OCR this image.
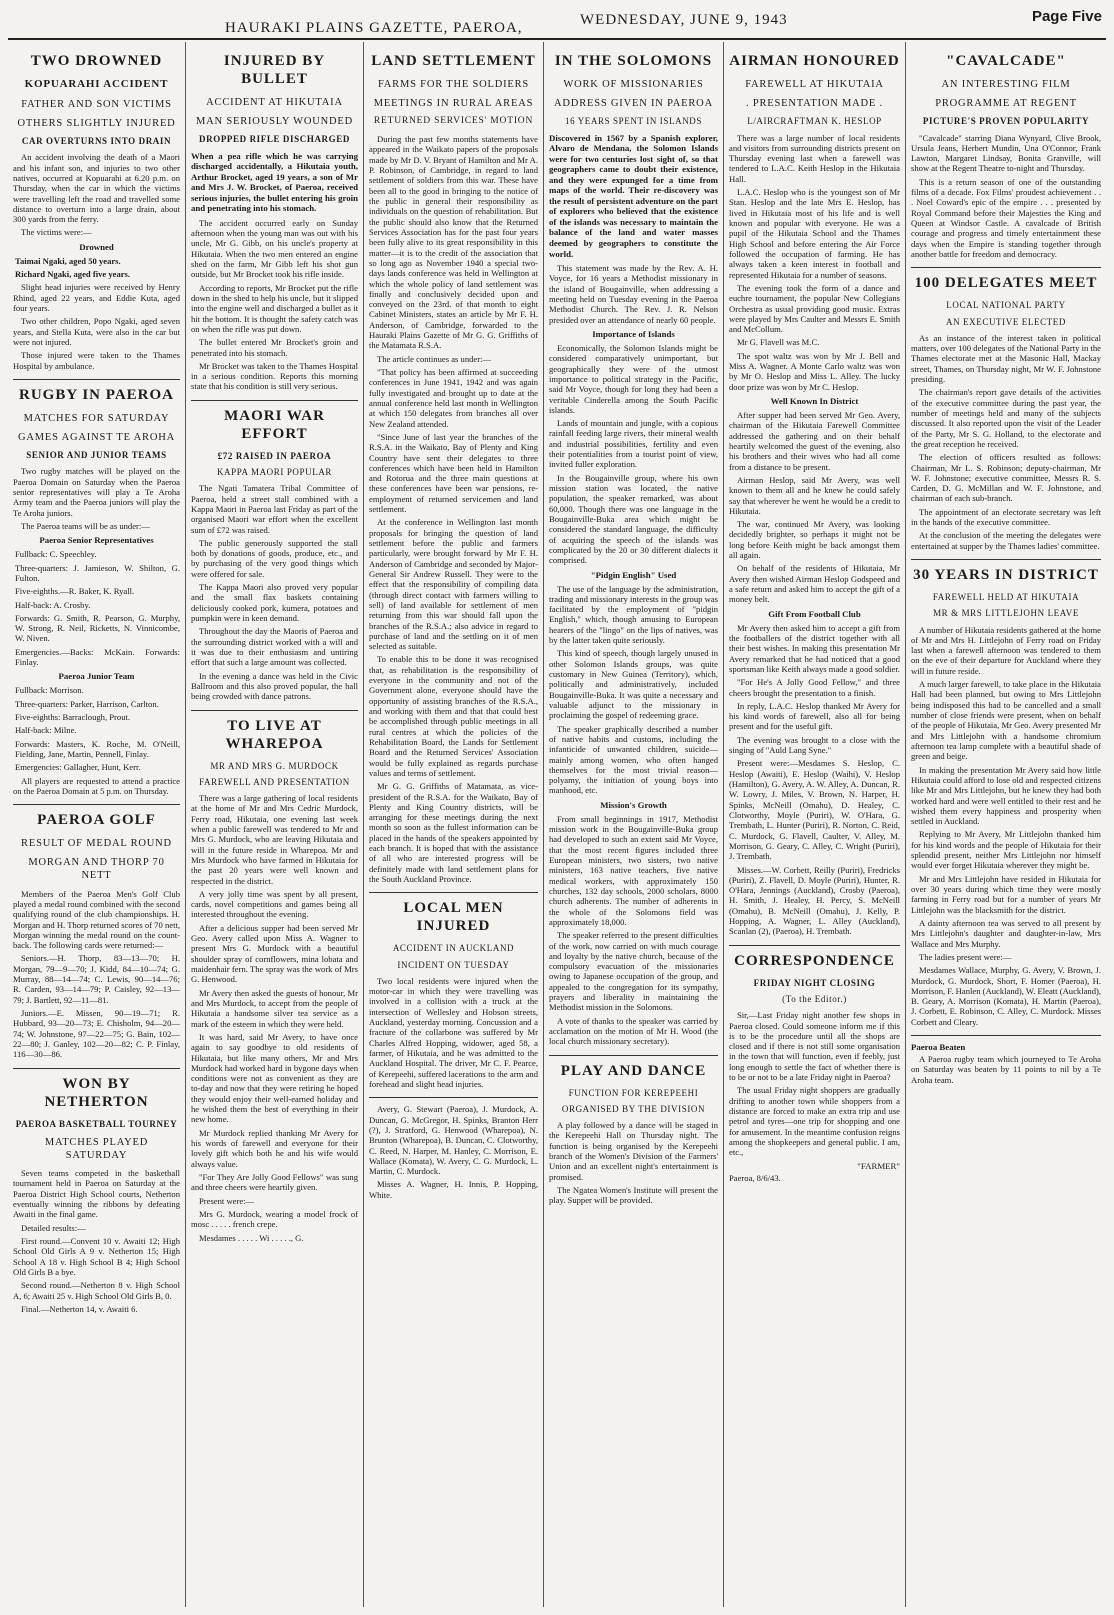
HAURAKI PLAINS GAZETTE, PAEROA,	WEDNESDAY, JUNE 9, 1943	Page Five
TWO DROWNED
KOPUARAHI ACCIDENT
FATHER AND SON VICTIMS
OTHERS SLIGHTLY INJURED
CAR OVERTURNS INTO DRAIN

An accident involving the death of a Maori and his infant son, and injuries to two other natives, occurred at Kopuarahi at 6.20 p.m. on Thursday, when the car in which the victims were travelling left the road and travelled some distance to overturn into a large drain, about 300 yards from the ferry.

The victims were:—

Drowned

Taimai Ngaki, aged 50 years.

Richard Ngaki, aged five years.

Slight head injuries were received by Henry Rhind, aged 22 years, and Eddie Kuta, aged four years.

Two other children, Popo Ngaki, aged seven years, and Stella Kuta, were also in the car but were not injured.

Those injured were taken to the Thames Hospital by ambulance.

RUGBY IN PAEROA
MATCHES FOR SATURDAY
GAMES AGAINST TE AROHA
SENIOR AND JUNIOR TEAMS

Two rugby matches will be played on the Paeroa Domain on Saturday when the Paeroa senior representatives will play a Te Aroha Army team and the Paeroa juniors will play the Te Aroha juniors.

The Paeroa teams will be as under:—

Paeroa Senior Representatives

Fullback: C. Speechley.

Three-quarters: J. Jamieson, W. Shilton, G. Fulton.

Five-eighths.—R. Baker, K. Ryall.

Half-back: A. Crosby.

Forwards: G. Smith, R. Pearson, G. Murphy, W. Strong, R. Neil, Ricketts, N. Vinnicombe, W. Niven.

Emergencies.—Backs: McKain. Forwards: Finlay.

Paeroa Junior Team

Fullback: Morrison.

Three-quarters: Parker, Harrison, Carlton.

Five-eighths: Barraclough, Prout.

Half-back: Milne.

Forwards: Masters, K. Roche, M. O'Neill, Fielding, Jane, Martin, Pennell, Finlay.

Emergencies: Gallagher, Hunt, Kerr.

All players are requested to attend a practice on the Paeroa Domain at 5 p.m. on Thursday.

PAEROA GOLF
RESULT OF MEDAL ROUND
MORGAN AND THORP 70 NETT

Members of the Paeroa Men's Golf Club played a medal round combined with the second qualifying round of the club championships. H. Morgan and H. Thorp returned scores of 70 nett, Morgan winning the medal round on the count-back. The following cards were returned:—

Seniors.—H. Thorp, 83—13—70; H. Morgan, 79—9—70; J. Kidd, 84—10—74; G. Murray, 88—14—74; C. Lewis, 90—14—76; R. Carden, 93—14—79; P. Caisley, 92—13—79; J. Bartlett, 92—11—81.

Juniors.—E. Missen, 90—19—71; R. Hubbard, 93—20—73; E. Chisholm, 94—20—74; W. Johnstone, 97—22—75; G. Bain, 102—22—80; J. Ganley, 102—20—82; C. P. Finlay, 116—30—86.

WON BY NETHERTON
PAEROA BASKETBALL TOURNEY
MATCHES PLAYED SATURDAY

Seven teams competed in the basketball tournament held in Paeroa on Saturday at the Paeroa District High School courts, Netherton eventually winning the ribbons by defeating Awaiti in the final game.

Detailed results:—

First round.—Convent 10 v. Awaiti 12; High School Old Girls A 9 v. Netherton 15; High School A 18 v. High School B 4; High School Old Girls B a bye.

Second round.—Netherton 8 v. High School A, 6; Awaiti 25 v. High School Old Girls B, 0.

Final.—Netherton 14, v. Awaiti 6.

INJURED BY BULLET
ACCIDENT AT HIKUTAIA
MAN SERIOUSLY WOUNDED
DROPPED RIFLE DISCHARGED
When a pea rifle which he was carrying discharged accidentally, a Hikutaia youth, Arthur Brocket, aged 19 years, a son of Mr and Mrs J. W. Brocket, of Paeroa, received serious injuries, the bullet entering his groin and penetrating into his stomach.

The accident occurred early on Sunday afternoon when the young man was out with his uncle, Mr G. Gibb, on his uncle's property at Hikutaia. When the two men entered an engine shed on the farm, Mr Gibb left his shot gun outside, but Mr Brocket took his rifle inside.

According to reports, Mr Brocket put the rifle down in the shed to help his uncle, but it slipped into the engine well and discharged a bullet as it hit the bottom. It is thought the safety catch was on when the rifle was put down.

The bullet entered Mr Brocket's groin and penetrated into his stomach.

Mr Brocket was taken to the Thames Hospital in a serious condition. Reports this morning state that his condition is still very serious.

MAORI WAR EFFORT
£72 RAISED IN PAEROA
KAPPA MAORI POPULAR

The Ngati Tamatera Tribal Committee of Paeroa, held a street stall combined with a Kappa Maori in Paeroa last Friday as part of the organised Maori war effort when the excellent sum of £72 was raised.

The public generously supported the stall both by donations of goods, produce, etc., and by purchasing of the very good things which were offered for sale.

The Kappa Maori also proved very popular and the small flax baskets containing deliciously cooked pork, kumera, potatoes and pumpkin were in keen demand.

Throughout the day the Maoris of Paeroa and the surrounding district worked with a will and it was due to their enthusiasm and untiring effort that such a large amount was collected.

In the evening a dance was held in the Civic Ballroom and this also proved popular, the hall being crowded with dance patrons.

TO LIVE AT WHAREPOA
MR AND MRS G. MURDOCK
FAREWELL AND PRESENTATION

There was a large gathering of local residents at the home of Mr and Mrs Cedric Murdock, Ferry road, Hikutaia, one evening last week when a public farewell was tendered to Mr and Mrs G. Murdock, who are leaving Hikutaia and will in the future reside in Wharepoa. Mr and Mrs Murdock who have farmed in Hikutaia for the past 20 years were well known and respected in the district.

A very jolly time was spent by all present, cards, novel competitions and games being all interested throughout the evening.

After a delicious supper had been served Mr Geo. Avery called upon Miss A. Wagner to present Mrs G. Murdock with a beautiful shoulder spray of cornflowers, mina lobata and maidenhair fern. The spray was the work of Mrs G. Henwood.

Mr Avery then asked the guests of honour, Mr and Mrs Murdock, to accept from the people of Hikutaia a handsome silver tea service as a mark of the esteem in which they were held.

It was hard, said Mr Avery, to have once again to say goodbye to old residents of Hikutaia, but like many others, Mr and Mrs Murdock had worked hard in bygone days when conditions were not as convenient as they are to-day and now that they were retiring he hoped they would enjoy their well-earned holiday and he wished them the best of everything in their new home.

Mr Murdock replied thanking Mr Avery for his words of farewell and everyone for their lovely gift which both he and his wife would always value.

"For They Are Jolly Good Fellows" was sung and three cheers were heartily given.

Present were:—

Mrs G. Murdock, wearing a model frock of mosс . . . . . french crepe.

Mesdames . . . . . Wi . . . . ., G.

LAND SETTLEMENT
FARMS FOR THE SOLDIERS
MEETINGS IN RURAL AREAS
RETURNED SERVICES' MOTION

During the past few months statements have appeared in the Waikato papers of the proposals made by Mr D. V. Bryant of Hamilton and Mr A. P. Robinson, of Cambridge, in regard to land settlement of soldiers from this war. These have been all to the good in bringing to the notice of the public in general their responsibility as individuals on the question of rehabilitation. But the public should also know that the Returned Services Association has for the past four years been fully alive to its great responsibility in this matter—it is to the credit of the association that so long ago as November 1940 a special two-days lands conference was held in Wellington at which the whole policy of land settlement was finally and conclusively decided upon and conveyed on the 23rd. of that month to eight Cabinet Ministers, states an article by Mr F. H. Anderson, of Cambridge, forwarded to the Hauraki Plains Gazette of Mr G. G. Griffiths of the Matamata R.S.A.

The article continues as under:—

"That policy has been affirmed at succeeding conferences in June 1941, 1942 and was again fully investigated and brought up to date at the annual conference held last month in Wellington at which 150 delegates from branches all over New Zealand attended.

"Since June of last year the branches of the R.S.A. in the Waikato, Bay of Plenty and King Country have sent their delegates to three conferences which have been held in Hamilton and Rotorua and the three main questions at these conferences have been war pensions, re-employment of returned servicemen and land settlement.

At the conference in Wellington last month proposals for bringing the question of land settlement before the public and farmers particularly, were brought forward by Mr F. H. Anderson of Cambridge and seconded by Major-General Sir Andrew Russell. They were to the effect that the responsibility of compiling data (through direct contact with farmers willing to sell) of land available for settlement of men returning from this war should fall upon the branches of the R.S.A.; also advice in regard to purchase of land and the settling on it of men selected as suitable.

To enable this to be done it was recognised that, as rehabilitation is the responsibility of everyone in the community and not of the Government alone, everyone should have the opportunity of assisting branches of the R.S.A., and working with them and that that could best be accomplished through public meetings in all rural centres at which the policies of the Rehabilitation Board, the Lands for Settlement Board and the Returned Services' Association would be fully explained as regards purchase values and terms of settlement.

Mr G. G. Griffiths of Matamata, as vice-president of the R.S.A. for the Waikato, Bay of Plenty and King Country districts, will be arranging for these meetings during the next month so soon as the fullest information can be placed in the hands of the speakers appointed by each branch. It is hoped that with the assistance of all who are interested progress will be definitely made with land settlement plans for the South Auckland Province.

LOCAL MEN INJURED
ACCIDENT IN AUCKLAND
INCIDENT ON TUESDAY

Two local residents were injured when the motor-car in which they were travelling was involved in a collision with a truck at the intersection of Wellesley and Hobson streets, Auckland, yesterday morning. Concussion and a fracture of the collarbone was suffered by Mr Charles Alfred Hopping, widower, aged 58, a farmer, of Hikutaia, and he was admitted to the Auckland Hospital. The driver, Mr C. F. Pearce, of Kerepeehi, suffered lacerations to the arm and forehead and slight head injuries.

Avery, G. Stewart (Paeroa), J. Murdock, A. Duncan, G. McGregor, H. Spinks, Branton Herr (?), J. Stratford, G. Henwood (Wharepoa), N. Brunton (Wharepoa), B. Duncan, C. Clotworthy, C. Reed, N. Harper, M. Hanley, C. Morrison, E. Wallace (Komata), W. Avery, C. G. Murdock, L. Martin, C. Murdock.

Misses A. Wagner, H. Innis, P. Hopping, White.

IN THE SOLOMONS
WORK OF MISSIONARIES
ADDRESS GIVEN IN PAEROA
16 YEARS SPENT IN ISLANDS
Discovered in 1567 by a Spanish explorer, Alvaro de Mendana, the Solomon Islands were for two centuries lost sight of, so that geographers came to doubt their existence, and they were expunged for a time from maps of the world. Their re-discovery was the result of persistent adventure on the part of explorers who believed that the existence of the islands was necessary to maintain the balance of the land and water masses deemed by geographers to constitute the world.

This statement was made by the Rev. A. H. Voyce, for 16 years a Methodist missionary in the island of Bougainville, when addressing a meeting held on Tuesday evening in the Paeroa Methodist Church. The Rev. J. R. Nelson presided over an attendance of nearly 60 people.

Importance of Islands

Economically, the Solomon Islands might be considered comparatively unimportant, but geographically they were of the utmost importance to political strategy in the Pacific, said Mr Voyce, though for long they had been a veritable Cinderella among the South Pacific islands.

Lands of mountain and jungle, with a copious rainfall feeding large rivers, their mineral wealth and industrial possibilities, fertility and even their potentialities from a tourist point of view, invited fuller exploration.

In the Bougainville group, where his own mission station was located, the native population, the speaker remarked, was about 60,000. Though there was one language in the Bougainville-Buka area which might be considered the standard language, the difficulty of acquiring the speech of the islands was complicated by the 20 or 30 different dialects it comprised.

"Pidgin English" Used

The use of the language by the administration, trading and missionary interests in the group was facilitated by the employment of "pidgin English," which, though amusing to European hearers of the "lingo" on the lips of natives, was by the latter taken quite seriously.

This kind of speech, though largely unused in other Solomon Islands groups, was quite customary in New Guinea (Territory), which, politically and administratively, included Bougainville-Buka. It was quite a necessary and valuable adjunct to the missionary in proclaiming the gospel of redeeming grace.

The speaker graphically described a number of native habits and customs, including the infanticide of unwanted children, suicide—mainly among women, who often hanged themselves for the most trivial reason—polyamy, the initiation of young boys into manhood, etc.

Mission's Growth

From small beginnings in 1917, Methodist mission work in the Bougainville-Buka group had developed to such an extent said Mr Voyce, that the most recent figures included three European ministers, two sisters, two native ministers, 163 native teachers, five native medical workers, with approximately 150 churches, 132 day schools, 2000 scholars, 8000 church adherents. The number of adherents in the whole of the Solomons field was approximately 18,000.

The speaker referred to the present difficulties of the work, now carried on with much courage and loyalty by the native church, because of the compulsory evacuation of the missionaries owing to Japanese occupation of the group, and appealed to the congregation for its sympathy, prayers and liberality in maintaining the Methodist mission in the Solomons.

A vote of thanks to the speaker was carried by acclamation on the motion of Mr H. Wood (the local church missionary secretary).

PLAY AND DANCE
FUNCTION FOR KEREPEEHI
ORGANISED BY THE DIVISION

A play followed by a dance will be staged in the Kerepeehi Hall on Thursday night. The function is being organised by the Kerepeehi branch of the Women's Division of the Farmers' Union and an excellent night's entertainment is promised.

The Ngatea Women's Institute will present the play. Supper will be provided.

AIRMAN HONOURED
FAREWELL AT HIKUTAIA
. PRESENTATION MADE .
L/AIRCRAFTMAN K. HESLOP

There was a large number of local residents and visitors from surrounding districts present on Thursday evening last when a farewell was tendered to L.A.C. Keith Heslop in the Hikutaia Hall.

L.A.C. Heslop who is the youngest son of Mr Stan. Heslop and the late Mrs E. Heslop, has lived in Hikutaia most of his life and is well known and popular with everyone. He was a pupil of the Hikutaia School and the Thames High School and before entering the Air Force followed the occupation of farming. He has always taken a keen interest in football and represented Hikutaia for a number of seasons.

The evening took the form of a dance and euchre tournament, the popular New Collegians Orchestra as usual providing good music. Extras were played by Mrs Caulter and Messrs E. Smith and McCollum.

Mr G. Flavell was M.C.

The spot waltz was won by Mr J. Bell and Miss A. Wagner. A Monte Carlo waltz was won by Mr O. Heslop and Miss L. Alley. The lucky door prize was won by Mr C. Heslop.

Well Known In District

After supper had been served Mr Geo. Avery, chairman of the Hikutaia Farewell Committee addressed the gathering and on their behalf heartily welcomed the guest of the evening, also his brothers and their wives who had all come from a distance to be present.

Airman Heslop, said Mr Avery, was well known to them all and he knew he could safely say that wherever he went he would be a credit to Hikutaia.

The war, continued Mr Avery, was looking decidedly brighter, so perhaps it might not be long before Keith might be back amongst them all again.

On behalf of the residents of Hikutaia, Mr Avery then wished Airman Heslop Godspeed and a safe return and asked him to accept the gift of a money belt.

Gift From Football Club

Mr Avery then asked him to accept a gift from the footballers of the district together with all their best wishes. In making this presentation Mr Avery remarked that he had noticed that a good sportsman like Keith always made a good soldier.

"For He's A Jolly Good Fellow," and three cheers brought the presentation to a finish.

In reply, L.A.C. Heslop thanked Mr Avery for his kind words of farewell, also all for being present and for the useful gift.

The evening was brought to a close with the singing of "Auld Lang Syne."

Present were:—Mesdames S. Heslop, C. Heslop (Awaiti), E. Heslop (Waihi), V. Heslop (Hamilton), G. Avery, A. W. Alley, A. Duncan, R. W. Lowry, J. Miles, V. Brown, N. Harper, H. Spinks, McNeill (Omahu), D. Healey, C. Clotworthy, Moyle (Puriri), W. O'Hara, G. Trembath, L. Hunter (Puriri), R. Norton, C. Reid, C. Murdock, G. Flavell, Caulter, V. Alley, M. Morrison, G. Geary, C. Alley, C. Wright (Puriri), J. Trembath.

Misses.—W. Corbett, Reilly (Puriri), Fredricks (Puriri), Z. Flavell, D. Moyle (Puriri), Hunter, R. O'Hara, Jennings (Auckland), Crosby (Paeroa), H. Smith, J. Healey, H. Percy, S. McNeill (Omahu), B. McNeill (Omahu), J. Kelly, P. Hopping, A. Wagner, L. Alley (Auckland), Scanlan (2), (Paeroa), H. Trembath.

CORRESPONDENCE
FRIDAY NIGHT CLOSING
(To the Editor.)

Sir,—Last Friday night another few shops in Paeroa closed. Could someone inform me if this is to be the procedure until all the shops are closed and if there is not still some organisation in the town that will function, even if feebly, just long enough to settle the fact of whether there is to be or not to be a late Friday night in Paeroa?

The usual Friday night shoppers are gradually drifting to another town while shoppers from a distance are forced to make an extra trip and use petrol and tyres—one trip for shopping and one for amusement. In the meantime confusion reigns among the shopkeepers and general public. I am, etc.,

"FARMER"
Paeroa, 8/6/43.
"CAVALCADE"
AN INTERESTING FILM
PROGRAMME AT REGENT
PICTURE'S PROVEN POPULARITY

"Cavalcade" starring Diana Wynyard, Clive Brook, Ursula Jeans, Herbert Mundin, Una O'Connor, Frank Lawton, Margaret Lindsay, Bonita Granville, will show at the Regent Theatre to-night and Thursday.

This is a return season of one of the outstanding films of a decade. Fox Films' proudest achievement . . . Noel Coward's epic of the empire . . . presented by Royal Command before their Majesties the King and Queen at Windsor Castle. A cavalcade of British courage and progress and timely entertainment these days when the Empire is standing together through another battle for freedom and democracy.

100 DELEGATES MEET
LOCAL NATIONAL PARTY
AN EXECUTIVE ELECTED

As an instance of the interest taken in political matters, over 100 delegates of the National Party in the Thames electorate met at the Masonic Hall, Mackay street, Thames, on Thursday night, Mr W. F. Johnstone presiding.

The chairman's report gave details of the activities of the executive committee during the past year, the number of meetings held and many of the subjects discussed. It also reported upon the visit of the Leader of the Party, Mr S. G. Holland, to the electorate and the great reception he received.

The election of officers resulted as follows: Chairman, Mr L. S. Robinson; deputy-chairman, Mr W. F. Johnstone; executive committee, Messrs R. S. Carden, D. G. McMillan and W. F. Johnstone, and chairman of each sub-branch.

The appointment of an electorate secretary was left in the hands of the executive committee.

At the conclusion of the meeting the delegates were entertained at supper by the Thames ladies' committee.

30 YEARS IN DISTRICT
FAREWELL HELD AT HIKUTAIA
MR & MRS LITTLEJOHN LEAVE

A number of Hikutaia residents gathered at the home of Mr and Mrs H. Littlejohn of Ferry road on Friday last when a farewell afternoon was tendered to them on the eve of their departure for Auckland where they will in future reside.

A much larger farewell, to take place in the Hikutaia Hall had been planned, but owing to Mrs Littlejohn being indisposed this had to be cancelled and a small number of close friends were present, when on behalf of the people of Hikutaia, Mr Geo. Avery presented Mr and Mrs Littlejohn with a handsome chromium afternoon tea lamp complete with a beautiful shade of green and beige.

In making the presentation Mr Avery said how little Hikutaia could afford to lose old and respected citizens like Mr and Mrs Littlejohn, but he knew they had both worked hard and were well entitled to their rest and he wished them every happiness and prosperity when settled in Auckland.

Replying to Mr Avery, Mr Littlejohn thanked him for his kind words and the people of Hikutaia for their splendid present, neither Mrs Littlejohn nor himself would ever forget Hikutaia wherever they might be.

Mr and Mrs Littlejohn have resided in Hikutaia for over 30 years during which time they were mostly farming in Ferry road but for a number of years Mr Littlejohn was the blacksmith for the district.

A dainty afternoon tea was served to all present by Mrs Littlejohn's daughter and daughter-in-law, Mrs Wallace and Mrs Murphy.

The ladies present were:—

Mesdames Wallace, Murphy, G. Avery, V. Brown, J. Murdock, G. Murdock, Short, F. Homer (Paeroa), H. Morrison, F. Hanlen (Auckland), W. Eleatt (Auckland), B. Geary, A. Morrison (Komata), H. Martin (Paeroa), J. Corbett, E. Robinson, C. Alley, C. Murdock. Misses Corbett and Cleary.

Paeroa Beaten

A Paeroa rugby team which journeyed to Te Aroha on Saturday was beaten by 11 points to nil by a Te Aroha team.
